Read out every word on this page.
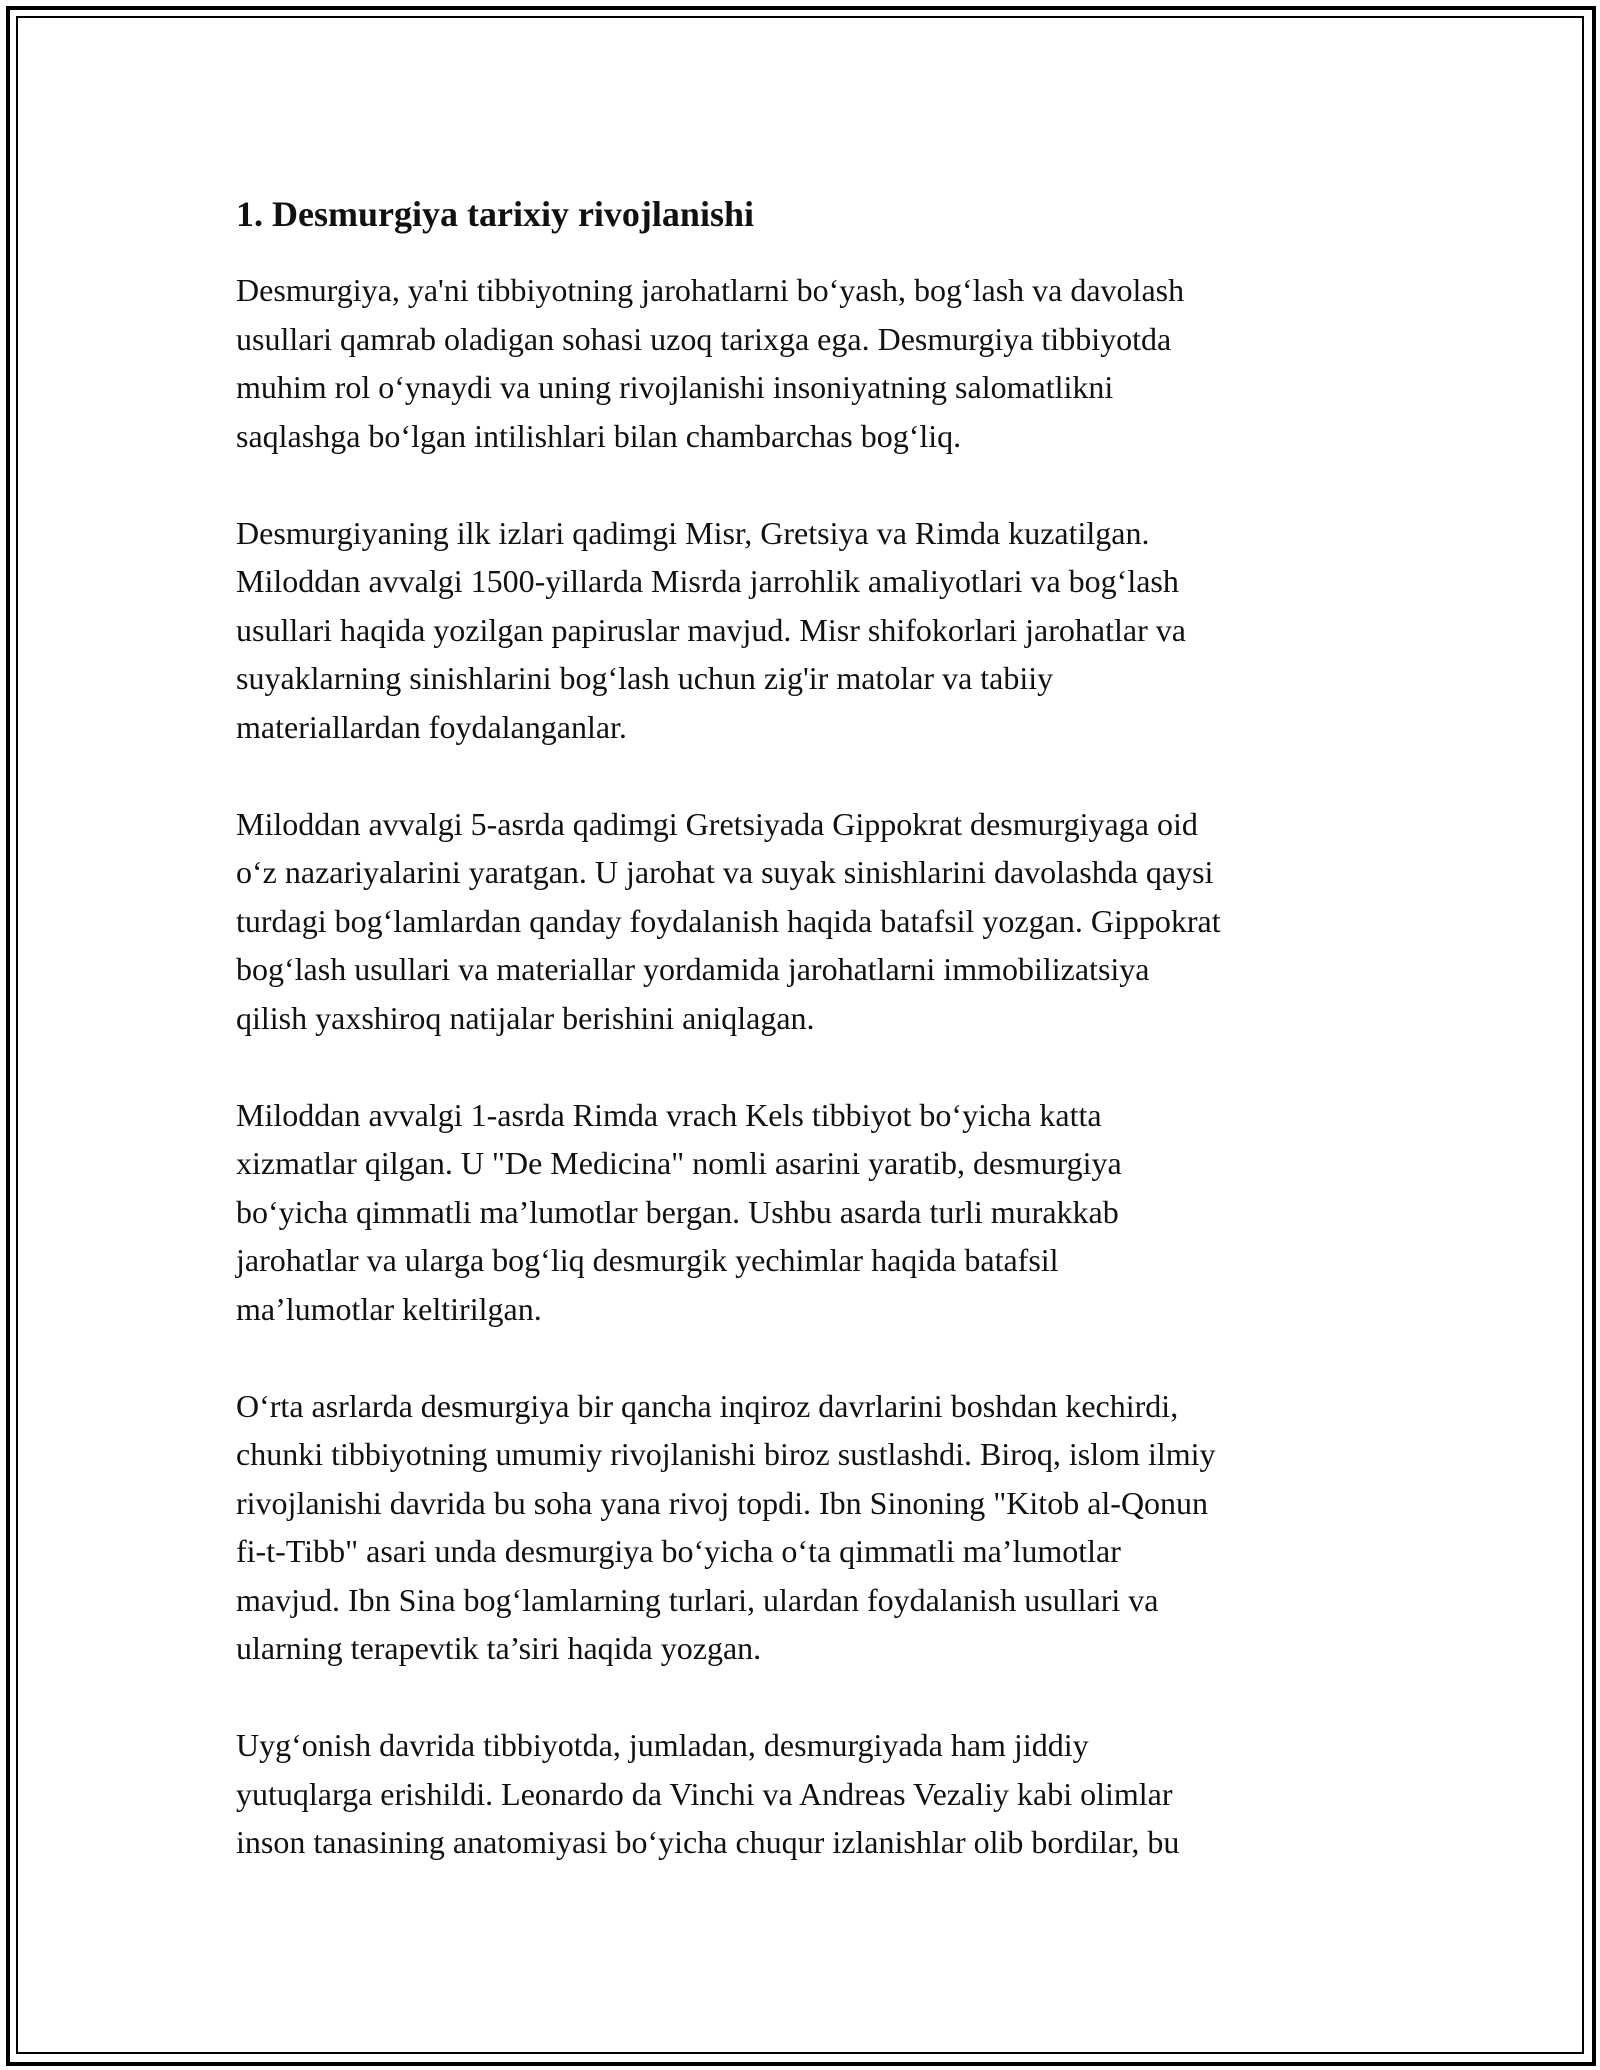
1. Desmurgiya tarixiy rivojlanishi

Desmurgiya, ya'ni tibbiyotning jarohatlarni bo‘yash, bog‘lash va davolash
usullari qamrab oladigan sohasi uzoq tarixga ega. Desmurgiya tibbiyotda
muhim rol o‘ynaydi va uning rivojlanishi insoniyatning salomatlikni
saqlashga bo‘lgan intilishlari bilan chambarchas bog‘liq.

Desmurgiyaning ilk izlari qadimgi Misr, Gretsiya va Rimda kuzatilgan.
Miloddan avvalgi 1500-yillarda Misrda jarrohlik amaliyotlari va bog‘lash
usullari haqida yozilgan papiruslar mavjud. Misr shifokorlari jarohatlar va
suyaklarning sinishlarini bog‘lash uchun zig'ir matolar va tabiiy
materiallardan foydalanganlar.

Miloddan avvalgi 5-asrda qadimgi Gretsiyada Gippokrat desmurgiyaga oid
o‘z nazariyalarini yaratgan. U jarohat va suyak sinishlarini davolashda qaysi
turdagi bog‘lamlardan qanday foydalanish haqida batafsil yozgan. Gippokrat
bog‘lash usullari va materiallar yordamida jarohatlarni immobilizatsiya
qilish yaxshiroq natijalar berishini aniqlagan.

Miloddan avvalgi 1-asrda Rimda vrach Kels tibbiyot bo‘yicha katta
xizmatlar qilgan. U "De Medicina" nomli asarini yaratib, desmurgiya
bo‘yicha qimmatli ma’lumotlar bergan. Ushbu asarda turli murakkab
jarohatlar va ularga bog‘liq desmurgik yechimlar haqida batafsil
ma’lumotlar keltirilgan.

O‘rta asrlarda desmurgiya bir qancha inqiroz davrlarini boshdan kechirdi,
chunki tibbiyotning umumiy rivojlanishi biroz sustlashdi. Biroq, islom ilmiy
rivojlanishi davrida bu soha yana rivoj topdi. Ibn Sinoning "Kitob al-Qonun
fi-t-Tibb" asari unda desmurgiya bo‘yicha o‘ta qimmatli ma’lumotlar
mavjud. Ibn Sina bog‘lamlarning turlari, ulardan foydalanish usullari va
ularning terapevtik ta’siri haqida yozgan.

Uyg‘onish davrida tibbiyotda, jumladan, desmurgiyada ham jiddiy
yutuqlarga erishildi. Leonardo da Vinchi va Andreas Vezaliy kabi olimlar
inson tanasining anatomiyasi bo‘yicha chuqur izlanishlar olib bordilar, bu
